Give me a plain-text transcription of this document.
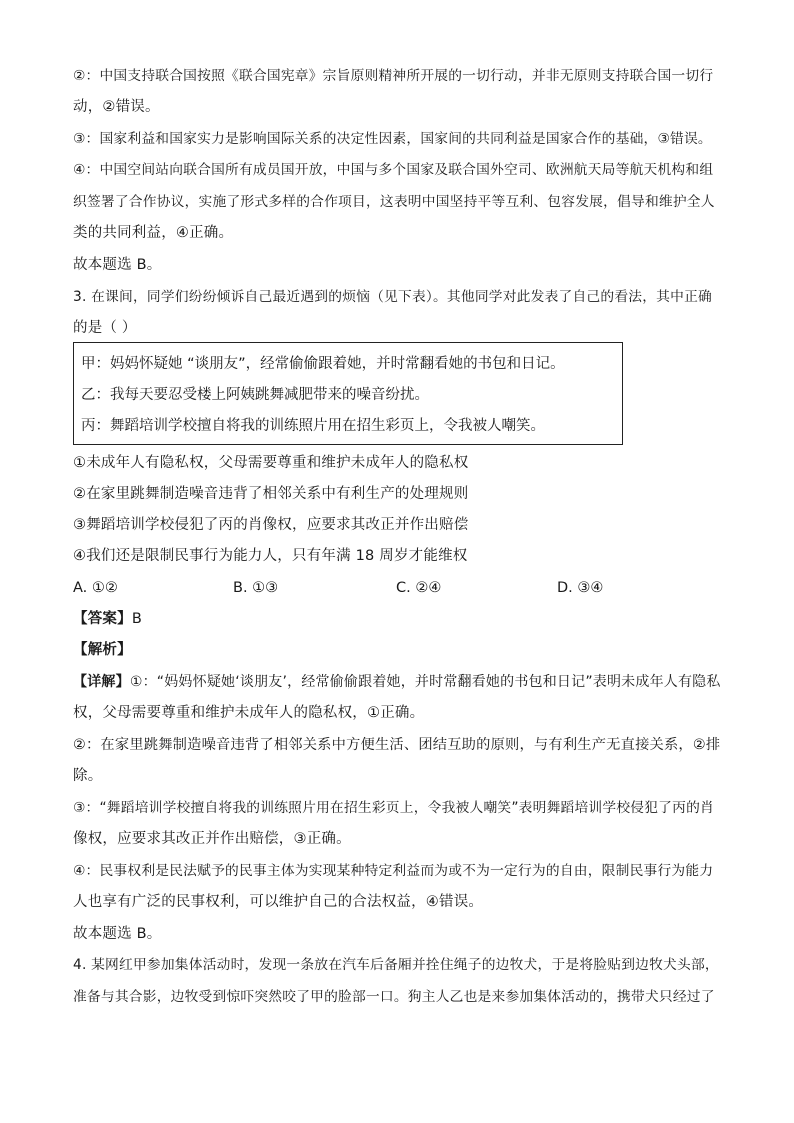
②：中国支持联合国按照《联合国宪章》宗旨原则精神所开展的一切行动，并非无原则支持联合国一切行
动，②错误。
③：国家利益和国家实力是影响国际关系的决定性因素，国家间的共同利益是国家合作的基础，③错误。
④：中国空间站向联合国所有成员国开放，中国与多个国家及联合国外空司、欧洲航天局等航天机构和组
织签署了合作协议，实施了形式多样的合作项目，这表明中国坚持平等互利、包容发展，倡导和维护全人
类的共同利益，④正确。
故本题选 B。
3. 在课间，同学们纷纷倾诉自己最近遇到的烦恼（见下表）。其他同学对此发表了自己的看法，其中正确
的是（ ）
甲：妈妈怀疑她 “谈朋友”，经常偷偷跟着她，并时常翻看她的书包和日记。
乙：我每天要忍受楼上阿姨跳舞减肥带来的噪音纷扰。
丙：舞蹈培训学校擅自将我的训练照片用在招生彩页上，令我被人嘲笑。
①未成年人有隐私权，父母需要尊重和维护未成年人的隐私权
②在家里跳舞制造噪音违背了相邻关系中有利生产的处理规则
③舞蹈培训学校侵犯了丙的肖像权，应要求其改正并作出赔偿
④我们还是限制民事行为能力人，只有年满 18 周岁才能维权
A. ①②	B. ①③	C. ②④	D. ③④
【答案】B
【解析】
【详解】①：“妈妈怀疑她‘谈朋友’，经常偷偷跟着她，并时常翻看她的书包和日记”表明未成年人有隐私
权，父母需要尊重和维护未成年人的隐私权，①正确。
②：在家里跳舞制造噪音违背了相邻关系中方便生活、团结互助的原则，与有利生产无直接关系，②排
除。
③：“舞蹈培训学校擅自将我的训练照片用在招生彩页上，令我被人嘲笑”表明舞蹈培训学校侵犯了丙的肖
像权，应要求其改正并作出赔偿，③正确。
④：民事权利是民法赋予的民事主体为实现某种特定利益而为或不为一定行为的自由，限制民事行为能力
人也享有广泛的民事权利，可以维护自己的合法权益，④错误。
故本题选 B。
4. 某网红甲参加集体活动时，发现一条放在汽车后备厢并拴住绳子的边牧犬，于是将脸贴到边牧犬头部，
准备与其合影，边牧受到惊吓突然咬了甲的脸部一口。狗主人乙也是来参加集体活动的，携带犬只经过了
